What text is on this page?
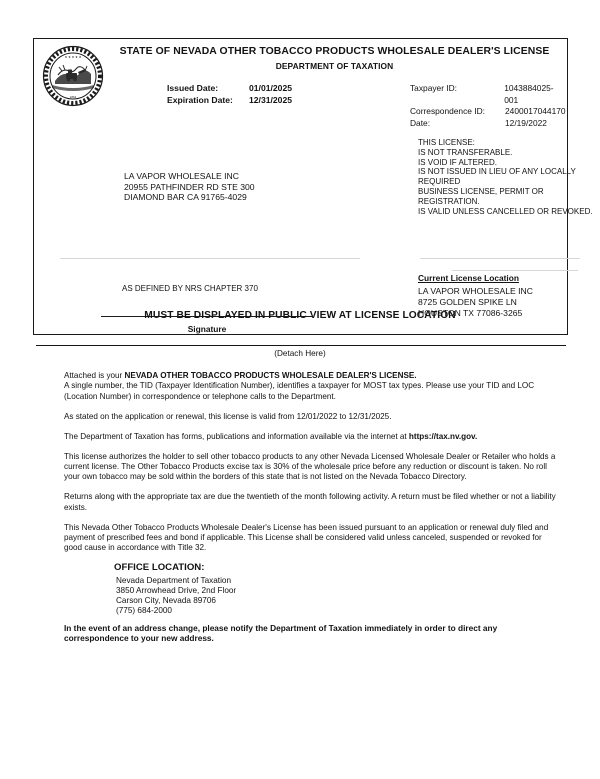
★ ★ ★ ★ ★
1864
STATE OF NEVADA OTHER TOBACCO PRODUCTS WHOLESALE DEALER'S LICENSE
DEPARTMENT OF TAXATION
Issued Date:	01/01/2025
Expiration Date:	12/31/2025
Taxpayer ID:	1043884025-001
Correspondence ID:	2400017044170
Date:	12/19/2022
THIS LICENSE:
IS NOT TRANSFERABLE.
IS VOID IF ALTERED.
IS NOT ISSUED IN LIEU OF ANY LOCALLY
REQUIRED
BUSINESS LICENSE, PERMIT OR
REGISTRATION.
IS VALID UNLESS CANCELLED OR REVOKED.
LA VAPOR WHOLESALE INC
20955 PATHFINDER RD STE 300
DIAMOND BAR CA 91765-4029
AS DEFINED BY NRS CHAPTER 370
Current License Location
LA VAPOR WHOLESALE INC
8725 GOLDEN SPIKE LN
HOUSTON TX 77086-3265
Signature
MUST BE DISPLAYED IN PUBLIC VIEW AT LICENSE LOCATION
(Detach Here)

Attached is your NEVADA OTHER TOBACCO PRODUCTS WHOLESALE DEALER'S LICENSE.
A single number, the TID (Taxpayer Identification Number), identifies a taxpayer for MOST tax types. Please use your TID and LOC (Location Number) in correspondence or telephone calls to the Department.

As stated on the application or renewal, this license is valid from 12/01/2022 to 12/31/2025.

The Department of Taxation has forms, publications and information available via the internet at https://tax.nv.gov.

This license authorizes the holder to sell other tobacco products to any other Nevada Licensed Wholesale Dealer or Retailer who holds a current license. The Other Tobacco Products excise tax is 30% of the wholesale price before any reduction or discount is taken. No roll your own tobacco may be sold within the borders of this state that is not listed on the Nevada Tobacco Directory.

Returns along with the appropriate tax are due the twentieth of the month following activity. A return must be filed whether or not a liability exists.

This Nevada Other Tobacco Products Wholesale Dealer's License has been issued pursuant to an application or renewal duly filed and payment of prescribed fees and bond if applicable. This License shall be considered valid unless canceled, suspended or revoked for good cause in accordance with Title 32.

OFFICE LOCATION:
Nevada Department of Taxation
3850 Arrowhead Drive, 2nd Floor
Carson City, Nevada 89706
(775) 684-2000

In the event of an address change, please notify the Department of Taxation immediately in order to direct any correspondence to your new address.
